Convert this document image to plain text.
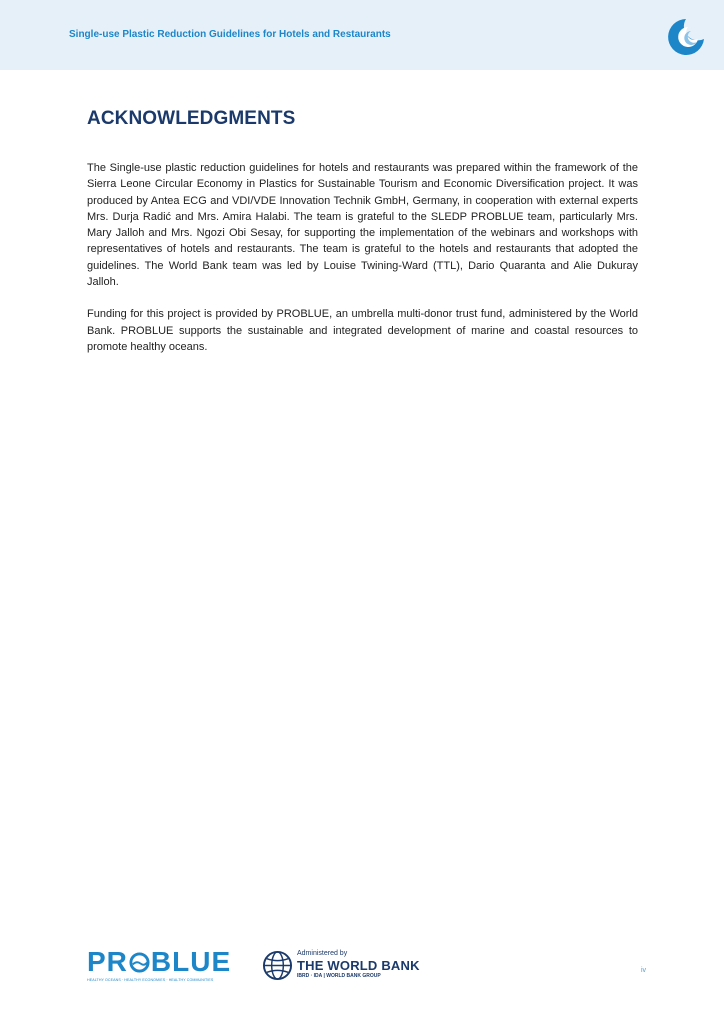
Single-use Plastic Reduction Guidelines for Hotels and Restaurants
ACKNOWLEDGMENTS

The Single-use plastic reduction guidelines for hotels and restaurants was prepared within the framework of the Sierra Leone Circular Economy in Plastics for Sustainable Tourism and Economic Diversification project. It was produced by Antea ECG and VDI/VDE Innovation Technik GmbH, Germany, in cooperation with external experts Mrs. Durja Radić and Mrs. Amira Halabi. The team is grateful to the SLEDP PROBLUE team, particularly Mrs. Mary Jalloh and Mrs. Ngozi Obi Sesay, for supporting the implementation of the webinars and workshops with representatives of hotels and restaurants. The team is grateful to the hotels and restaurants that adopted the guidelines. The World Bank team was led by Louise Twining-Ward (TTL), Dario Quaranta and Alie Dukuray Jalloh.

Funding for this project is provided by PROBLUE, an umbrella multi-donor trust fund, administered by the World Bank. PROBLUE supports the sustainable and integrated development of marine and coastal resources to promote healthy oceans.

PR BLUE
HEALTHY OCEANS · HEALTHY ECONOMIES · HEALTHY COMMUNITIES
Administered by
THE WORLD BANK
IBRD · IDA | WORLD BANK GROUP
iv
